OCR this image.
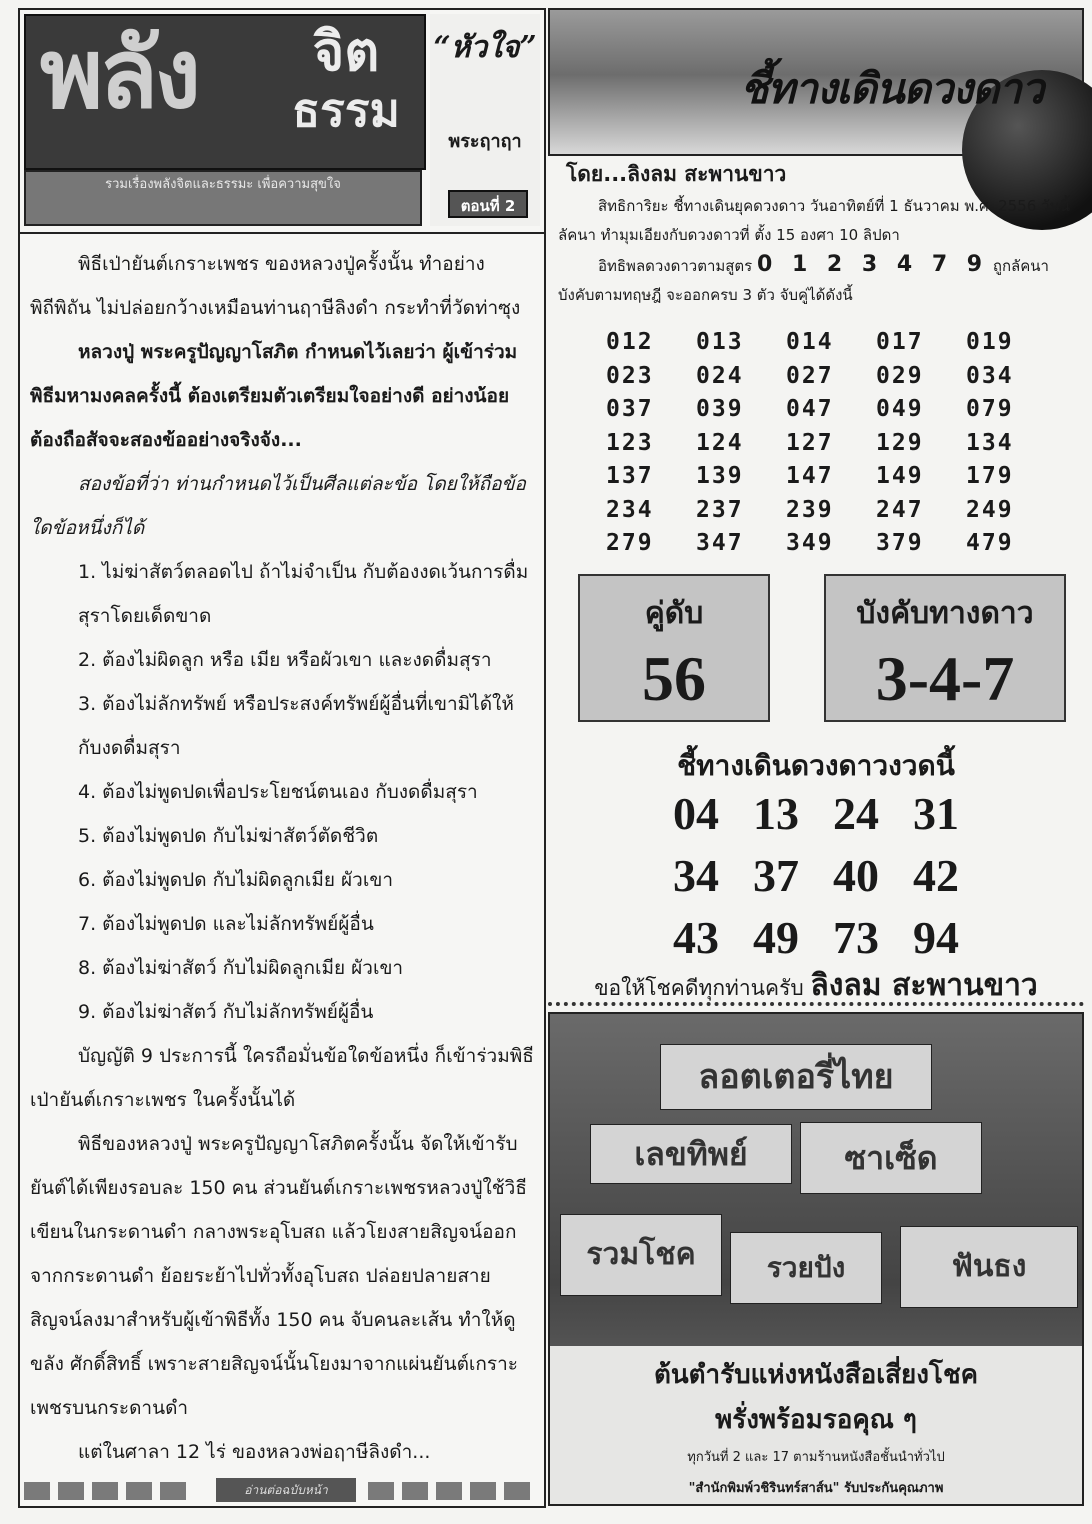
พลัง	จิต
ธรรม
รวมเรื่องพลังจิตและธรรมะ เพื่อความสุขใจ
“หัวใจ”
พระฤาฤา
ตอนที่ 2

พิธีเป่ายันต์เกราะเพชร ของหลวงปู่ครั้งนั้น ทำอย่างพิถีพิถัน ไม่ปล่อยกว้างเหมือนท่านฤาษีลิงดำ กระทำที่วัดท่าซุง

หลวงปู่ พระครูปัญญาโสภิต กำหนดไว้เลยว่า ผู้เข้าร่วมพิธีมหามงคลครั้งนี้ ต้องเตรียมตัวเตรียมใจอย่างดี อย่างน้อยต้องถือสัจจะสองข้ออย่างจริงจัง...

สองข้อที่ว่า ท่านกำหนดไว้เป็นศีลแต่ละข้อ โดยให้ถือข้อใดข้อหนึ่งก็ได้

1. ไม่ฆ่าสัตว์ตลอดไป ถ้าไม่จำเป็น กับต้องงดเว้นการดื่มสุราโดยเด็ดขาด

2. ต้องไม่ผิดลูก หรือ เมีย หรือผัวเขา และงดดื่มสุรา

3. ต้องไม่ลักทรัพย์ หรือประสงค์ทรัพย์ผู้อื่นที่เขามิได้ให้ กับงดดื่มสุรา

4. ต้องไม่พูดปดเพื่อประโยชน์ตนเอง กับงดดื่มสุรา

5. ต้องไม่พูดปด กับไม่ฆ่าสัตว์ตัดชีวิต

6. ต้องไม่พูดปด กับไม่ผิดลูกเมีย ผัวเขา

7. ต้องไม่พูดปด และไม่ลักทรัพย์ผู้อื่น

8. ต้องไม่ฆ่าสัตว์ กับไม่ผิดลูกเมีย ผัวเขา

9. ต้องไม่ฆ่าสัตว์ กับไม่ลักทรัพย์ผู้อื่น

บัญญัติ 9 ประการนี้ ใครถือมั่นข้อใดข้อหนึ่ง ก็เข้าร่วมพิธีเป่ายันต์เกราะเพชร ในครั้งนั้นได้

พิธีของหลวงปู่ พระครูปัญญาโสภิตครั้งนั้น จัดให้เข้ารับยันต์ได้เพียงรอบละ 150 คน ส่วนยันต์เกราะเพชรหลวงปู่ใช้วิธีเขียนในกระดานดำ กลางพระอุโบสถ แล้วโยงสายสิญจน์ออกจากกระดานดำ ย้อยระย้าไปทั่วทั้งอุโบสถ ปล่อยปลายสายสิญจน์ลงมาสำหรับผู้เข้าพิธีทั้ง 150 คน จับคนละเส้น ทำให้ดูขลัง ศักดิ์สิทธิ์ เพราะสายสิญจน์นั้นโยงมาจากแผ่นยันต์เกราะเพชรบนกระดานดำ

แต่ในศาลา 12 ไร่ ของหลวงพ่อฤาษีลิงดำ...

อ่านต่อฉบับหน้า
ชี้ทางเดินดวงดาว
โดย...ลิงลม สะพานขาว

สิทธิการิยะ ชี้ทางเดินยุคดวงดาว วันอาทิตย์ที่ 1 ธันวาคม พ.ศ. 2556 วันนี้ลัคนา ทำมุมเอียงกับดวงดาวที่ ตั้ง 15 องศา 10 ลิปดา

อิทธิพลดวงดาวตามสูตร 0 1 2 3 4 7 9 ถูกลัคนาบังคับตามทฤษฎี จะออกครบ 3 ตัว จับคู่ได้ดังนี้

012	013	014	017	019
023	024	027	029	034
037	039	047	049	079
123	124	127	129	134
137	139	147	149	179
234	237	239	247	249
279	347	349	379	479
คู่ดับ
56
บังคับทางดาว
3-4-7
ชี้ทางเดินดวงดาวงวดนี้
04 13 24 31
34 37 40 42
43 49 73 94
ขอให้โชคดีทุกท่านครับ ลิงลม สะพานขาว
ลอตเตอรี่ไทย
เลขทิพย์	ซาเซ็ด
รวมโชค	รวยปัง	ฟันธง
ต้นตำรับแห่งหนังสือเสี่ยงโชค
พรั่งพร้อมรอคุณ ๆ
ทุกวันที่ 2 และ 17 ตามร้านหนังสือชั้นนำทั่วไป
"สำนักพิมพ์วชิรินทร์สาส์น" รับประกันคุณภาพ
